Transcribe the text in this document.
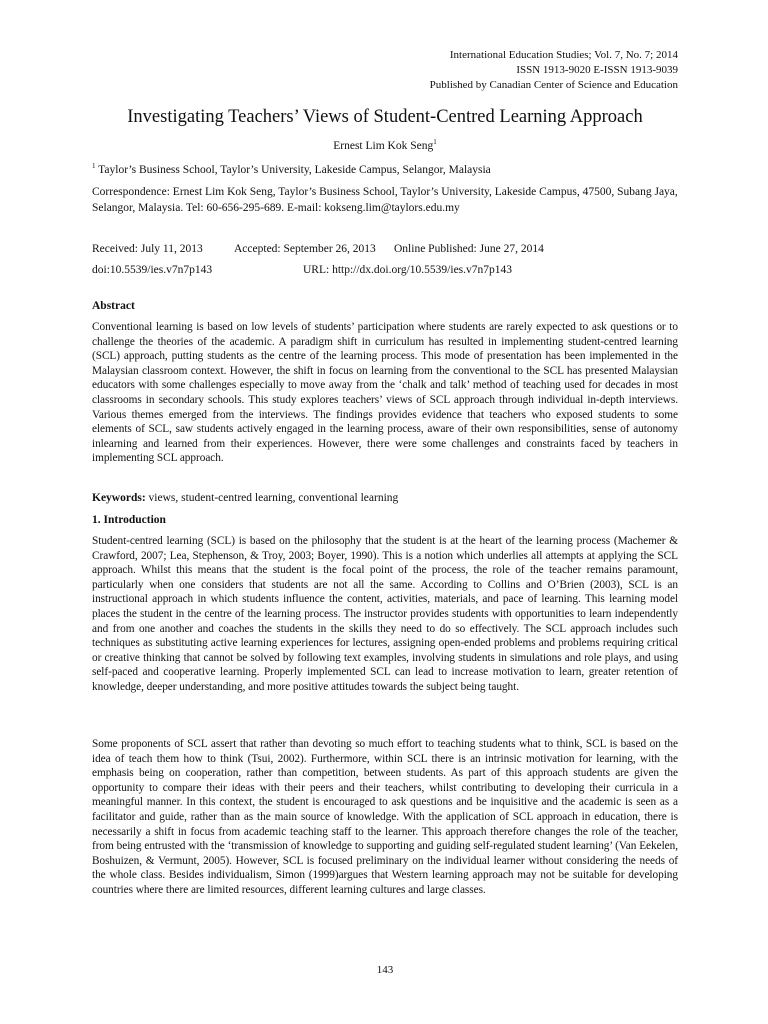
International Education Studies; Vol. 7, No. 7; 2014
ISSN 1913-9020 E-ISSN 1913-9039
Published by Canadian Center of Science and Education
Investigating Teachers’ Views of Student-Centred Learning Approach
Ernest Lim Kok Seng$^1$
$^1$ Taylor’s Business School, Taylor’s University, Lakeside Campus, Selangor, Malaysia
Correspondence: Ernest Lim Kok Seng, Taylor’s Business School, Taylor’s University, Lakeside Campus, 47500, Subang Jaya, Selangor, Malaysia. Tel: 60-656-295-689. E-mail: kokseng.lim@taylors.edu.my
Received: July 11, 2013	Accepted: September 26, 2013	Online Published: June 27, 2014
doi:10.5539/ies.v7n7p143	URL: http://dx.doi.org/10.5539/ies.v7n7p143
Abstract

Conventional learning is based on low levels of students’ participation where students are rarely expected to ask questions or to challenge the theories of the academic. A paradigm shift in curriculum has resulted in implementing student-centred learning (SCL) approach, putting students as the centre of the learning process. This mode of presentation has been implemented in the Malaysian classroom context. However, the shift in focus on learning from the conventional to the SCL has presented Malaysian educators with some challenges especially to move away from the ‘chalk and talk’ method of teaching used for decades in most classrooms in secondary schools. This study explores teachers’ views of SCL approach through individual in-depth interviews. Various themes emerged from the interviews. The findings provides evidence that teachers who exposed students to some elements of SCL, saw students actively engaged in the learning process, aware of their own responsibilities, sense of autonomy inlearning and learned from their experiences. However, there were some challenges and constraints faced by teachers in implementing SCL approach.

Keywords: views, student-centred learning, conventional learning
1. Introduction

Student-centred learning (SCL) is based on the philosophy that the student is at the heart of the learning process (Machemer & Crawford, 2007; Lea, Stephenson, & Troy, 2003; Boyer, 1990). This is a notion which underlies all attempts at applying the SCL approach. Whilst this means that the student is the focal point of the process, the role of the teacher remains paramount, particularly when one considers that students are not all the same. According to Collins and O’Brien (2003), SCL is an instructional approach in which students influence the content, activities, materials, and pace of learning. This learning model places the student in the centre of the learning process. The instructor provides students with opportunities to learn independently and from one another and coaches the students in the skills they need to do so effectively. The SCL approach includes such techniques as substituting active learning experiences for lectures, assigning open-ended problems and problems requiring critical or creative thinking that cannot be solved by following text examples, involving students in simulations and role plays, and using self-paced and cooperative learning. Properly implemented SCL can lead to increase motivation to learn, greater retention of knowledge, deeper understanding, and more positive attitudes towards the subject being taught.

Some proponents of SCL assert that rather than devoting so much effort to teaching students what to think, SCL is based on the idea of teach them how to think (Tsui, 2002). Furthermore, within SCL there is an intrinsic motivation for learning, with the emphasis being on cooperation, rather than competition, between students. As part of this approach students are given the opportunity to compare their ideas with their peers and their teachers, whilst contributing to developing their curricula in a meaningful manner. In this context, the student is encouraged to ask questions and be inquisitive and the academic is seen as a facilitator and guide, rather than as the main source of knowledge. With the application of SCL approach in education, there is necessarily a shift in focus from academic teaching staff to the learner. This approach therefore changes the role of the teacher, from being entrusted with the ‘transmission of knowledge to supporting and guiding self-regulated student learning’ (Van Eekelen, Boshuizen, & Vermunt, 2005). However, SCL is focused preliminary on the individual learner without considering the needs of the whole class. Besides individualism, Simon (1999)argues that Western learning approach may not be suitable for developing countries where there are limited resources, different learning cultures and large classes.

143
